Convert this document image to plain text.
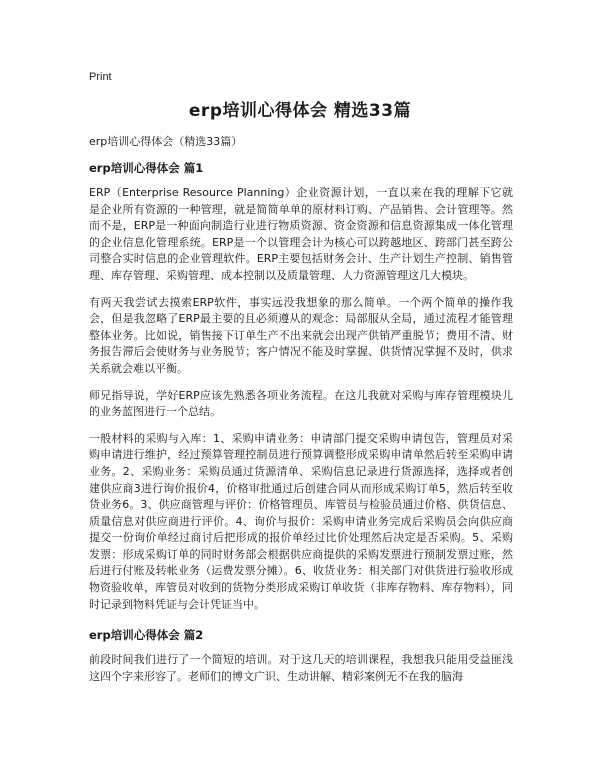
Print
erp培训心得体会 精选33篇
erp培训心得体会（精选33篇）
erp培训心得体会 篇1

ERP（Enterprise Resource Planning）企业资源计划，一直以来在我的理解下它就是企业所有资源的一种管理，就是简简单单的原材料订购、产品销售、会计管理等。然而不是，ERP是一种面向制造行业进行物质资源、资金资源和信息资源集成一体化管理的企业信息化管理系统。ERP是一个以管理会计为核心可以跨越地区、跨部门甚至跨公司整合实时信息的企业管理软件。ERP主要包括财务会计、生产计划生产控制、销售管理、库存管理、采购管理、成本控制以及质量管理、人力资源管理这几大模块。

有两天我尝试去摸索ERP软件，事实远没我想象的那么简单。一个两个简单的操作我会，但是我忽略了ERP最主要的且必须遵从的观念：局部服从全局，通过流程才能管理整体业务。比如说，销售接下订单生产不出来就会出现产供销严重脱节；费用不清、财务报告滞后会使财务与业务脱节；客户情况不能及时掌握、供货情况掌握不及时，供求关系就会难以平衡。

师兄指导说，学好ERP应该先熟悉各项业务流程。在这儿我就对采购与库存管理模块儿的业务蓝图进行一个总结。

一般材料的采购与入库：1、采购申请业务：申请部门提交采购申请包告，管理员对采购申请进行维护，经过预算管理控制员进行预算调整形成采购申请单然后转至采购申请业务。2、采购业务：采购员通过货源清单、采购信息记录进行货源选择，选择或者创建供应商3进行询价报价4，价格审批通过后创建合同从而形成采购订单5，然后转至收货业务6。3、供应商管理与评价：价格管理员、库管员与检验员通过价格、供货信息、质量信息对供应商进行评价。4、询价与报价：采购申请业务完成后采购员会向供应商提交一份询价单经过商讨后把形成的报价单经过比价处理然后决定是否采购。5、采购发票：形成采购订单的同时财务部会根据供应商提供的采购发票进行预制发票过账，然后进行付账及转帐业务（运费发票分摊）。6、收货业务：相关部门对供货进行验收形成物资验收单，库管员对收到的货物分类形成采购订单收货（非库存物料、库存物料），同时记录到物料凭证与会计凭证当中。

erp培训心得体会 篇2

前段时间我们进行了一个简短的培训。对于这几天的培训课程，我想我只能用受益匪浅这四个字来形容了。老师们的博文广识、生动讲解、精彩案例无不在我的脑海
